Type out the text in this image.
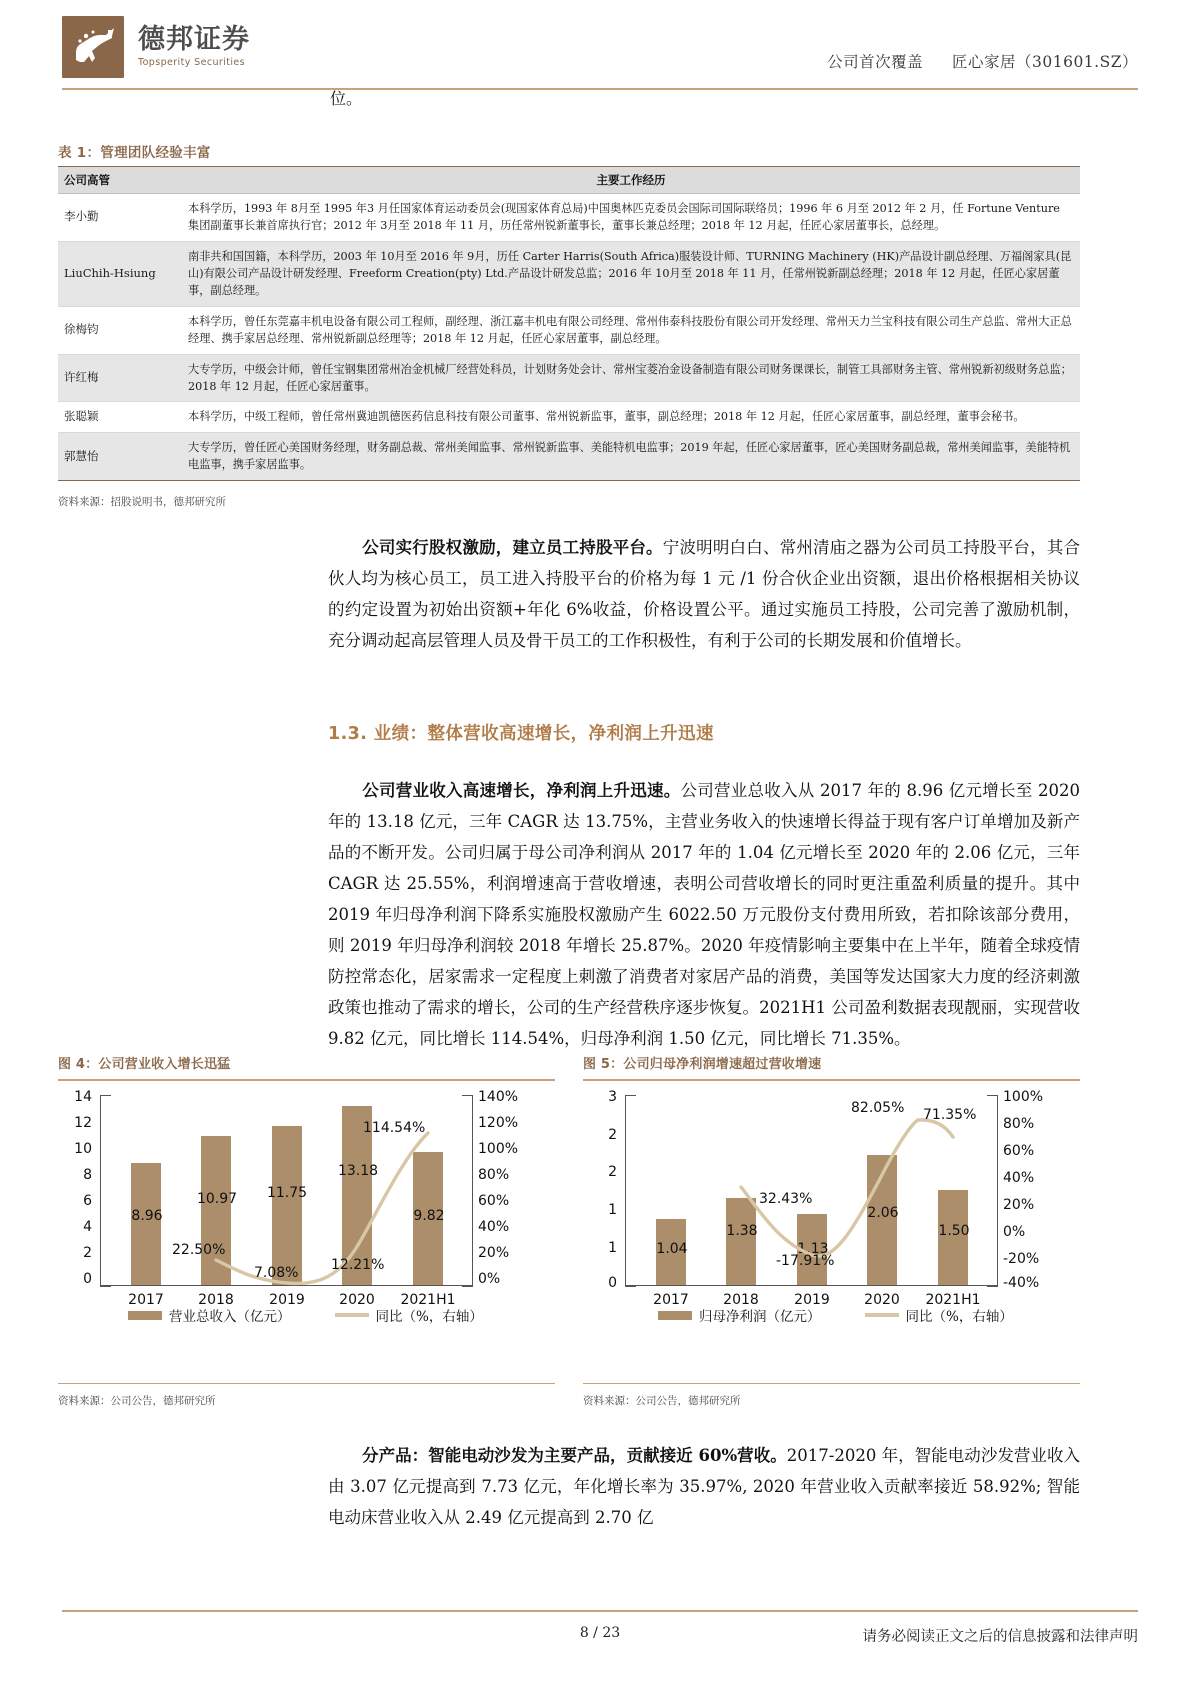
德邦证券
Topsperity Securities	公司首次覆盖 匠心家居（301601.SZ）
位。
表 1：管理团队经验丰富
公司高管	主要工作经历
李小勤	本科学历，1993 年 8月至 1995 年3 月任国家体育运动委员会(现国家体育总局)中国奥林匹克委员会国际司国际联络员；1996 年 6 月至 2012 年 2 月，任 Fortune Venture 集团副董事长兼首席执行官；2012 年 3月至 2018 年 11 月，历任常州锐新董事长，董事长兼总经理；2018 年 12 月起，任匠心家居董事长，总经理。
LiuChih-Hsiung	南非共和国国籍，本科学历，2003 年 10月至 2016 年 9月，历任 Carter Harris(South Africa)服装设计师、TURNING Machinery (HK)产品设计副总经理、万福阁家具(昆山)有限公司产品设计研发经理、Freeform Creation(pty) Ltd.产品设计研发总监；2016 年 10月至 2018 年 11 月，任常州锐新副总经理；2018 年 12 月起，任匠心家居董事，副总经理。
徐梅钧	本科学历，曾任东莞嘉丰机电设备有限公司工程师，副经理、浙江嘉丰机电有限公司经理、常州伟泰科技股份有限公司开发经理、常州天力兰宝科技有限公司生产总监、常州大正总经理、携手家居总经理、常州锐新副总经理等；2018 年 12 月起，任匠心家居董事，副总经理。
许红梅	大专学历，中级会计师，曾任宝钢集团常州冶金机械厂经营处科员，计划财务处会计、常州宝菱冶金设备制造有限公司财务课课长，制管工具部财务主管、常州锐新初级财务总监；2018 年 12 月起，任匠心家居董事。
张聪颖	本科学历，中级工程师，曾任常州冀迪凯德医药信息科技有限公司董事、常州锐新监事，董事，副总经理；2018 年 12 月起，任匠心家居董事，副总经理，董事会秘书。
郭慧怡	大专学历，曾任匠心美国财务经理，财务副总裁、常州美闻监事、常州锐新监事、美能特机电监事；2019 年起，任匠心家居董事，匠心美国财务副总裁，常州美闻监事，美能特机电监事，携手家居监事。
资料来源：招股说明书，德邦研究所
公司实行股权激励，建立员工持股平台。宁波明明白白、常州清庙之器为公司员工持股平台，其合伙人均为核心员工，员工进入持股平台的价格为每 1 元 /1 份合伙企业出资额，退出价格根据相关协议的约定设置为初始出资额+年化 6%收益，价格设置公平。通过实施员工持股，公司完善了激励机制，充分调动起高层管理人员及骨干员工的工作积极性，有利于公司的长期发展和价值增长。
1.3. 业绩：整体营收高速增长，净利润上升迅速
公司营业收入高速增长，净利润上升迅速。公司营业总收入从 2017 年的 8.96 亿元增长至 2020 年的 13.18 亿元，三年 CAGR 达 13.75%，主营业务收入的快速增长得益于现有客户订单增加及新产品的不断开发。公司归属于母公司净利润从 2017 年的 1.04 亿元增长至 2020 年的 2.06 亿元，三年 CAGR 达 25.55%，利润增速高于营收增速，表明公司营收增长的同时更注重盈利质量的提升。其中 2019 年归母净利润下降系实施股权激励产生 6022.50 万元股份支付费用所致，若扣除该部分费用，则 2019 年归母净利润较 2018 年增长 25.87%。2020 年疫情影响主要集中在上半年，随着全球疫情防控常态化，居家需求一定程度上刺激了消费者对家居产品的消费，美国等发达国家大力度的经济刺激政策也推动了需求的增长，公司的生产经营秩序逐步恢复。2021H1 公司盈利数据表现靓丽，实现营收 9.82 亿元，同比增长 114.54%，归母净利润 1.50 亿元，同比增长 71.35%。
图 4：公司营业收入增长迅猛
14
12
10
8
6
4
2
0
8.96
10.97	11.75
13.18
9.82
22.50%
7.08% 12.21%
114.54%
140%
120%
100%
80%
60%
40%
20%
0%
2017	2018	2019	2020	2021H1
营业总收入（亿元）	同比（%，右轴）
资料来源：公司公告，德邦研究所
图 5：公司归母净利润增速超过营收增速
3
2
2
1
1
0
1.04
1.38
1.13
2.06
1.50
32.43%
-17.91%
82.05% 71.35%
100%
80%
60%
40%
20%
0%
-20%
-40%
2017	2018	2019	2020	2021H1
归母净利润（亿元）	同比（%，右轴）
资料来源：公司公告，德邦研究所
分产品：智能电动沙发为主要产品，贡献接近 60%营收。2017-2020 年，智能电动沙发营业收入由 3.07 亿元提高到 7.73 亿元，年化增长率为 35.97%, 2020 年营业收入贡献率接近 58.92%; 智能电动床营业收入从 2.49 亿元提高到 2.70 亿
8 / 23	请务必阅读正文之后的信息披露和法律声明
